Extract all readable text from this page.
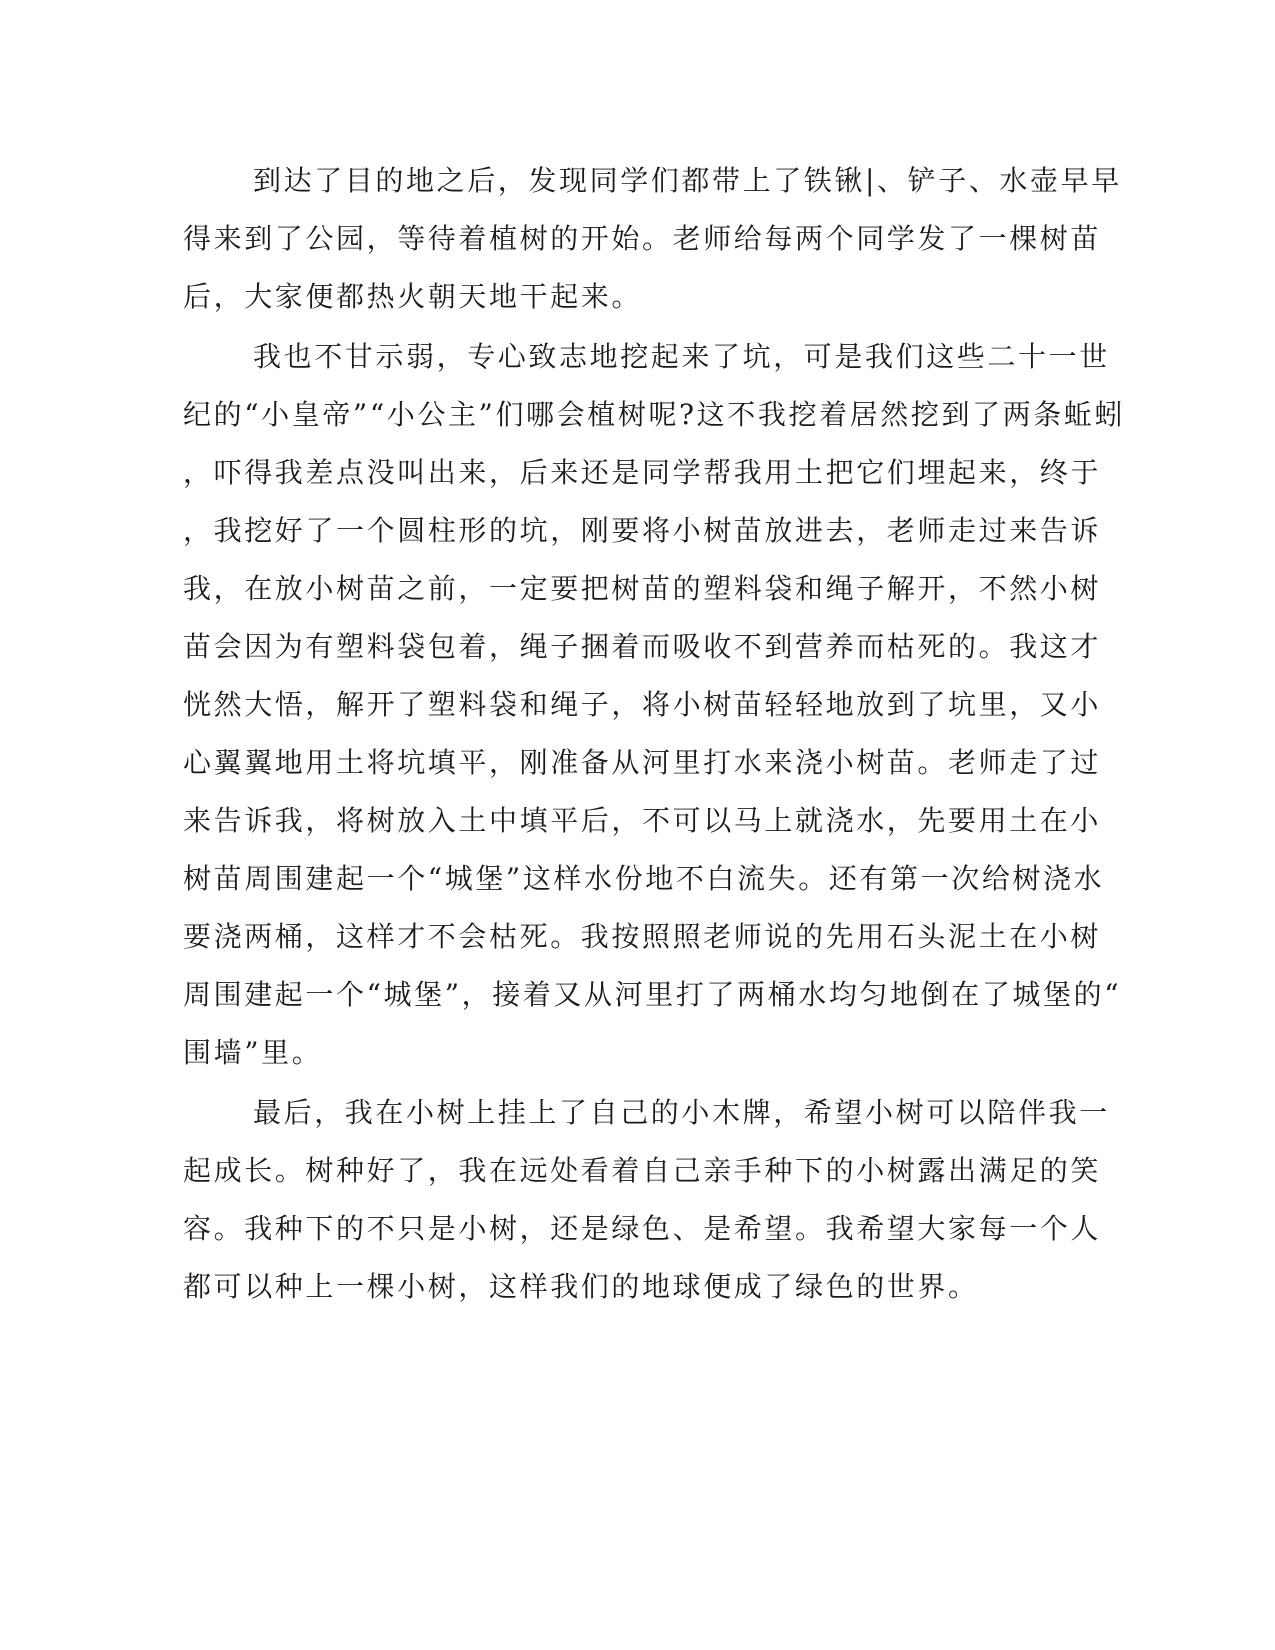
到达了目的地之后，发现同学们都带上了铁锹|、铲子、水壶早早
得来到了公园，等待着植树的开始。老师给每两个同学发了一棵树苗
后，大家便都热火朝天地干起来。
我也不甘示弱，专心致志地挖起来了坑，可是我们这些二十一世
纪的“小皇帝”“小公主”们哪会植树呢?这不我挖着居然挖到了两条蚯蚓
，吓得我差点没叫出来，后来还是同学帮我用土把它们埋起来，终于
，我挖好了一个圆柱形的坑，刚要将小树苗放进去，老师走过来告诉
我，在放小树苗之前，一定要把树苗的塑料袋和绳子解开，不然小树
苗会因为有塑料袋包着，绳子捆着而吸收不到营养而枯死的。我这才
恍然大悟，解开了塑料袋和绳子，将小树苗轻轻地放到了坑里，又小
心翼翼地用土将坑填平，刚准备从河里打水来浇小树苗。老师走了过
来告诉我，将树放入土中填平后，不可以马上就浇水，先要用土在小
树苗周围建起一个“城堡”这样水份地不白流失。还有第一次给树浇水
要浇两桶，这样才不会枯死。我按照照老师说的先用石头泥土在小树
周围建起一个“城堡”，接着又从河里打了两桶水均匀地倒在了城堡的“
围墙”里。
最后，我在小树上挂上了自己的小木牌，希望小树可以陪伴我一
起成长。树种好了，我在远处看着自己亲手种下的小树露出满足的笑
容。我种下的不只是小树，还是绿色、是希望。我希望大家每一个人
都可以种上一棵小树，这样我们的地球便成了绿色的世界。
